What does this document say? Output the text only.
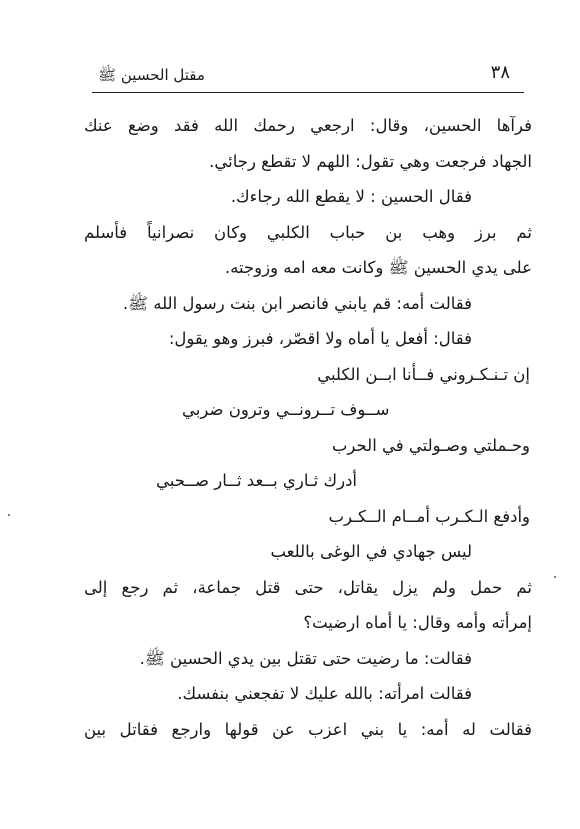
مقتل الحسين ﷺ	٣٨
فرآها الحسين، وقال: ارجعي رحمك الله فقد وضع عنك
الجهاد فرجعت وهي تقول: اللهم لا تقطع رجائي.
فقال الحسين : لا يقطع الله رجاءك.
ثم برز وهب بن حباب الكلبي وكان نصرانياً فأسلم
على يدي الحسين ﷺ وكانت معه امه وزوجته.
فقالت أمه: قم يابني فانصر ابن بنت رسول الله ﷺ.
فقال: أفعل يا أماه ولا اقصّر، فبرز وهو يقول:
إن تـنـكـروني فــأنا ابــن الكلبي
ســوف تــرونــي وترون ضربي
وحـملتي وصـولتي في الحرب
أدرك ثـاري بــعد ثــار صــحبي
وأدفع الـكـرب أمــام الــكـرب
ليس جهادي في الوغى باللعب
ثم حمل ولم يزل يقاتل، حتى قتل جماعة، ثم رجع إلى
إمرأته وأمه وقال: يا أماه ارضيت؟
فقالت: ما رضيت حتى تقتل بين يدي الحسين ﷺ.
فقالت امرأته: بالله عليك لا تفجعني بنفسك.
فقالت له أمه: يا بني اعزب عن قولها وارجع فقاتل بين
